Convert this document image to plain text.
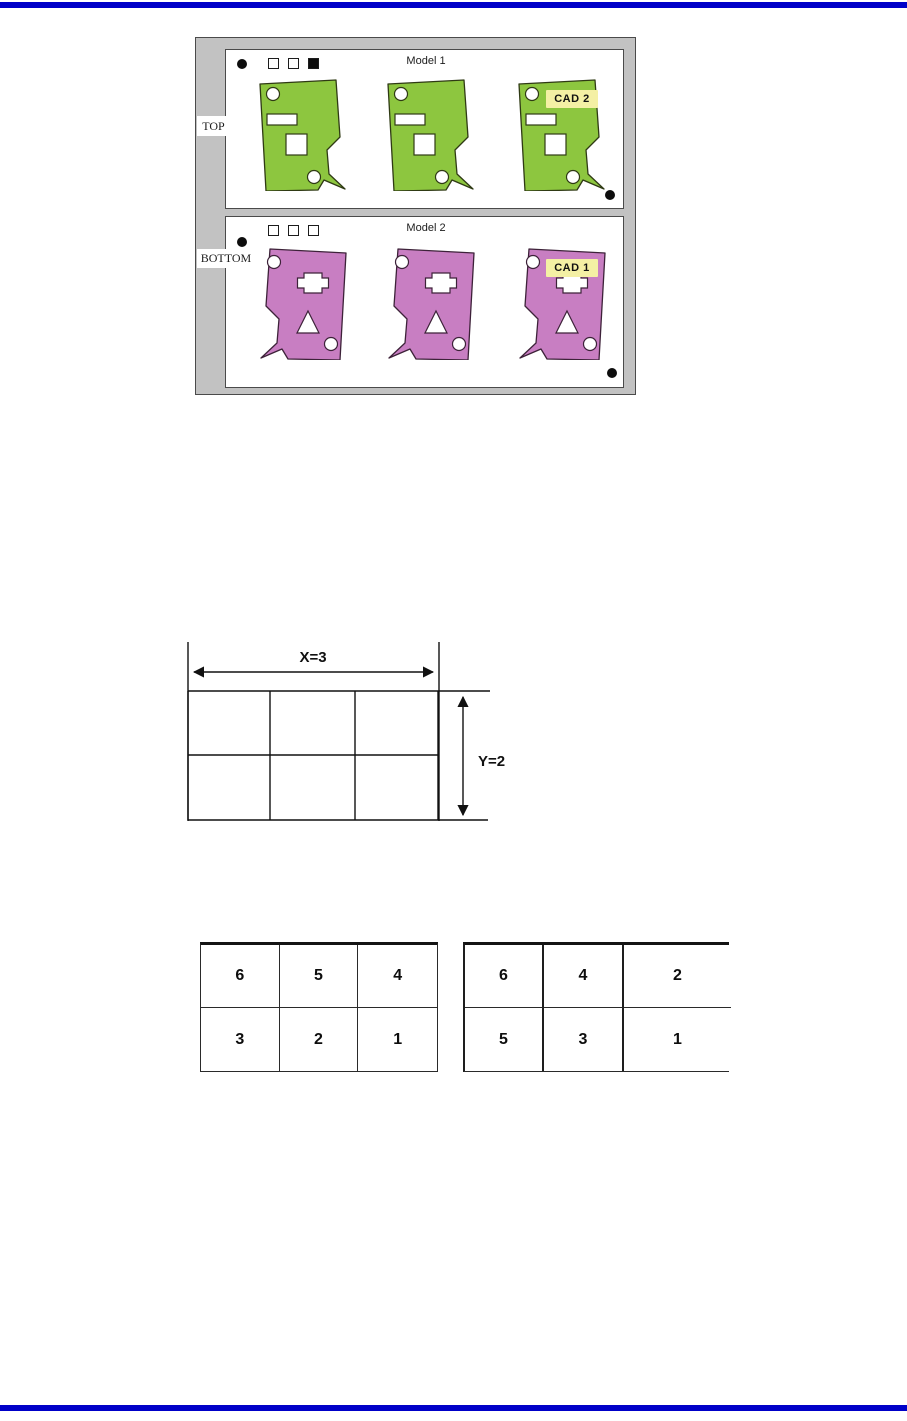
TOP
BOTTOM
Model 1
CAD 2
Model 2
CAD 1
X=3
Y=2
6	5	4
3	2	1
6	4	2
5	3	1
